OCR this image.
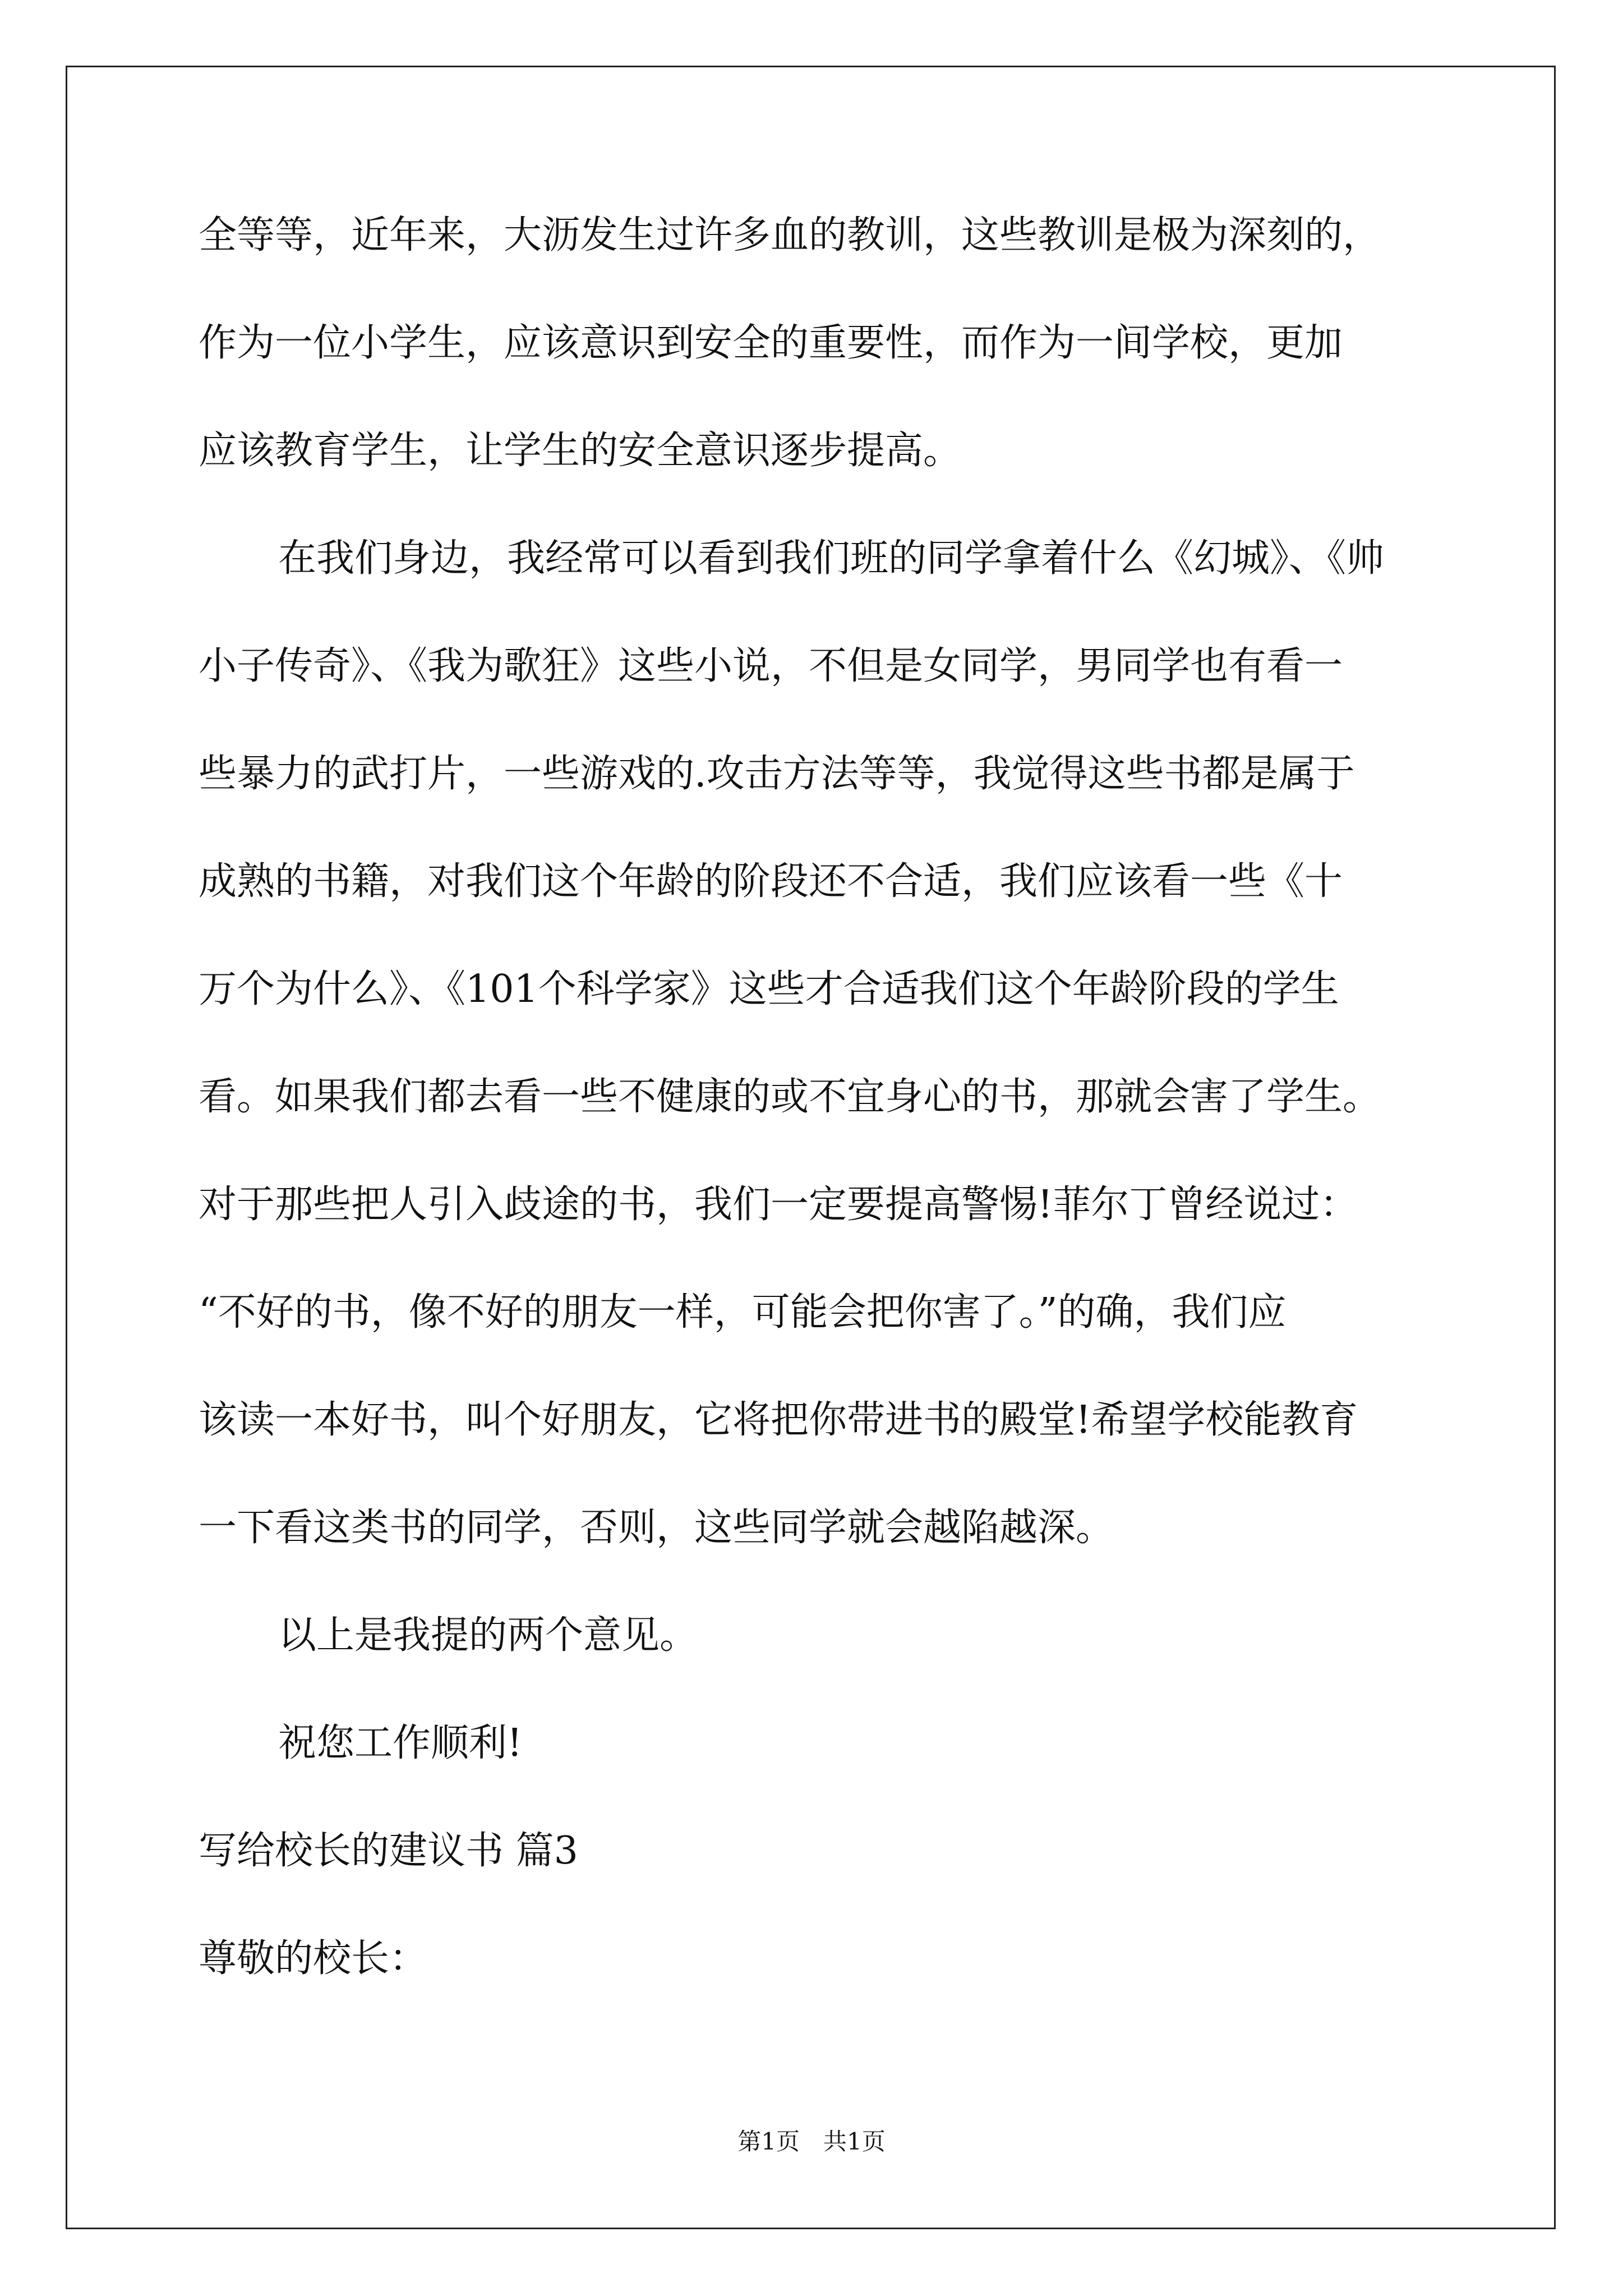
全等等，近年来，大沥发生过许多血的教训，这些教训是极为深刻的，
作为一位小学生，应该意识到安全的重要性，而作为一间学校，更加
应该教育学生，让学生的安全意识逐步提高。
在我们身边，我经常可以看到我们班的同学拿着什么《幻城》、《帅
小子传奇》、《我为歌狂》这些小说，不但是女同学，男同学也有看一
些暴力的武打片，一些游戏的.攻击方法等等，我觉得这些书都是属于
成熟的书籍，对我们这个年龄的阶段还不合适，我们应该看一些《十
万个为什么》、《101个科学家》这些才合适我们这个年龄阶段的学生
看。如果我们都去看一些不健康的或不宜身心的书，那就会害了学生。
对于那些把人引入歧途的书，我们一定要提高警惕!菲尔丁曾经说过：
“不好的书，像不好的朋友一样，可能会把你害了。”的确，我们应
该读一本好书，叫个好朋友，它将把你带进书的殿堂!希望学校能教育
一下看这类书的同学，否则，这些同学就会越陷越深。
以上是我提的两个意见。
祝您工作顺利!
写给校长的建议书 篇3
尊敬的校长：
第1页　共1页
